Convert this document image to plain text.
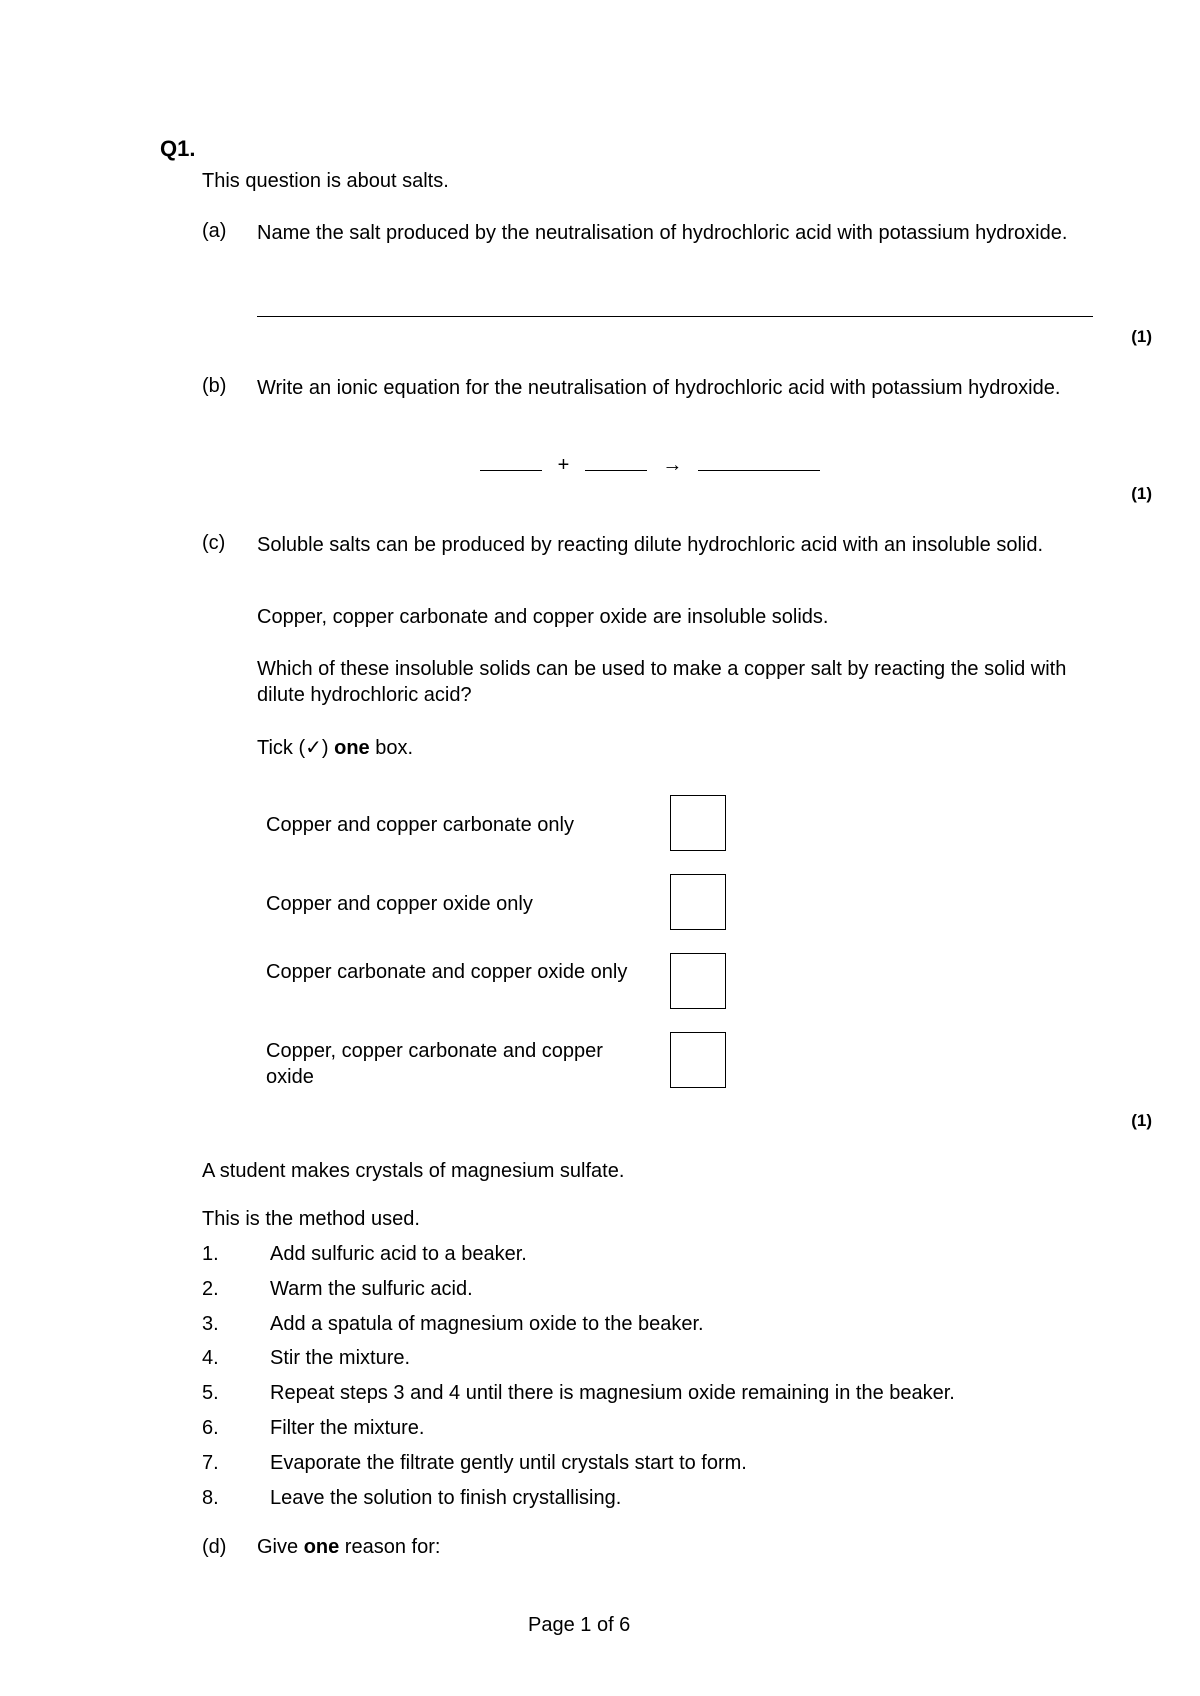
Q1.
This question is about salts.
(a) Name the salt produced by the neutralisation of hydrochloric acid with potassium hydroxide.
(1)
(b) Write an ionic equation for the neutralisation of hydrochloric acid with potassium hydroxide.
+	→
(1)
(c) Soluble salts can be produced by reacting dilute hydrochloric acid with an insoluble solid.
Copper, copper carbonate and copper oxide are insoluble solids.
Which of these insoluble solids can be used to make a copper salt by reacting the solid with dilute hydrochloric acid?
Tick (✓) one box.
Copper and copper carbonate only
Copper and copper oxide only
Copper carbonate and copper oxide only
Copper, copper carbonate and copper oxide
(1)
A student makes crystals of magnesium sulfate.
This is the method used.
1.	Add sulfuric acid to a beaker.
2.	Warm the sulfuric acid.
3.	Add a spatula of magnesium oxide to the beaker.
4.	Stir the mixture.
5.	Repeat steps 3 and 4 until there is magnesium oxide remaining in the beaker.
6.	Filter the mixture.
7.	Evaporate the filtrate gently until crystals start to form.
8.	Leave the solution to finish crystallising.
(d) Give one reason for:
Page 1 of 6
